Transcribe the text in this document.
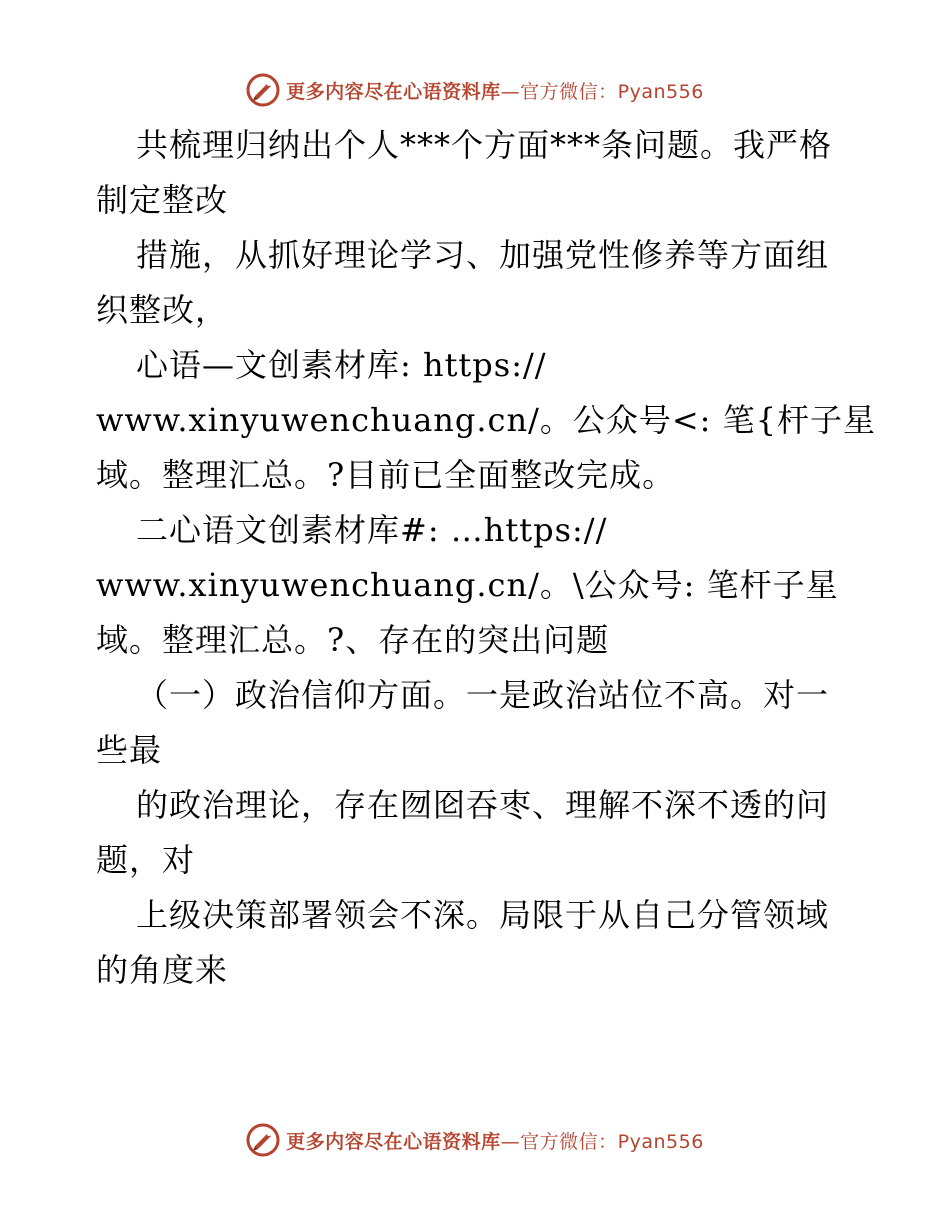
更多内容尽在心语资料库—官方微信：Pyan556
共梳理归纳出个人***个方面***条问题。我严格
制定整改
措施，从抓好理论学习、加强党性修养等方面组
织整改，
心语—文创素材库: https://
www.xinyuwenchuang.cn/。公众号<: 笔{杆子星
域。整理汇总。?目前已全面整改完成。
二心语文创素材库#: …https://
www.xinyuwenchuang.cn/。\公众号: 笔杆子星
域。整理汇总。?、存在的突出问题
（一）政治信仰方面。一是政治站位不高。对一
些最
的政治理论，存在囫囵吞枣、理解不深不透的问
题，对
上级决策部署领会不深。局限于从自己分管领域
的角度来
更多内容尽在心语资料库—官方微信：Pyan556
